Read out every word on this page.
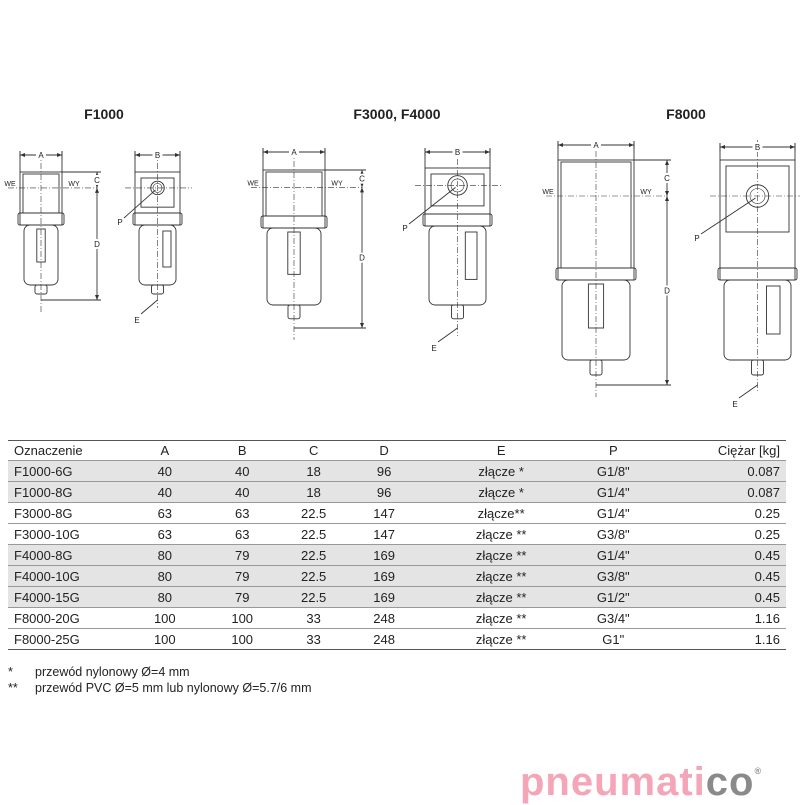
F1000	F3000, F4000	F8000
WE	WY
A
C
D
B
P
E
WE	WY
A
C
D
B
P
E
WE	WY
A
C
D
B
P
E
Oznaczenie	A	B	C	D	E	P	Ciężar [kg]
F1000-6G	40	40	18	96	złącze *	G1/8"	0.087
F1000-8G	40	40	18	96	złącze *	G1/4"	0.087
F3000-8G	63	63	22.5	147	złącze**	G1/4"	0.25
F3000-10G	63	63	22.5	147	złącze **	G3/8"	0.25
F4000-8G	80	79	22.5	169	złącze **	G1/4"	0.45
F4000-10G	80	79	22.5	169	złącze **	G3/8"	0.45
F4000-15G	80	79	22.5	169	złącze **	G1/2"	0.45
F8000-20G	100	100	33	248	złącze **	G3/4"	1.16
F8000-25G	100	100	33	248	złącze **	G1"	1.16
*	przewód nylonowy Ø=4 mm
**	przewód PVC Ø=5 mm lub nylonowy Ø=5.7/6 mm
pneumatico®
